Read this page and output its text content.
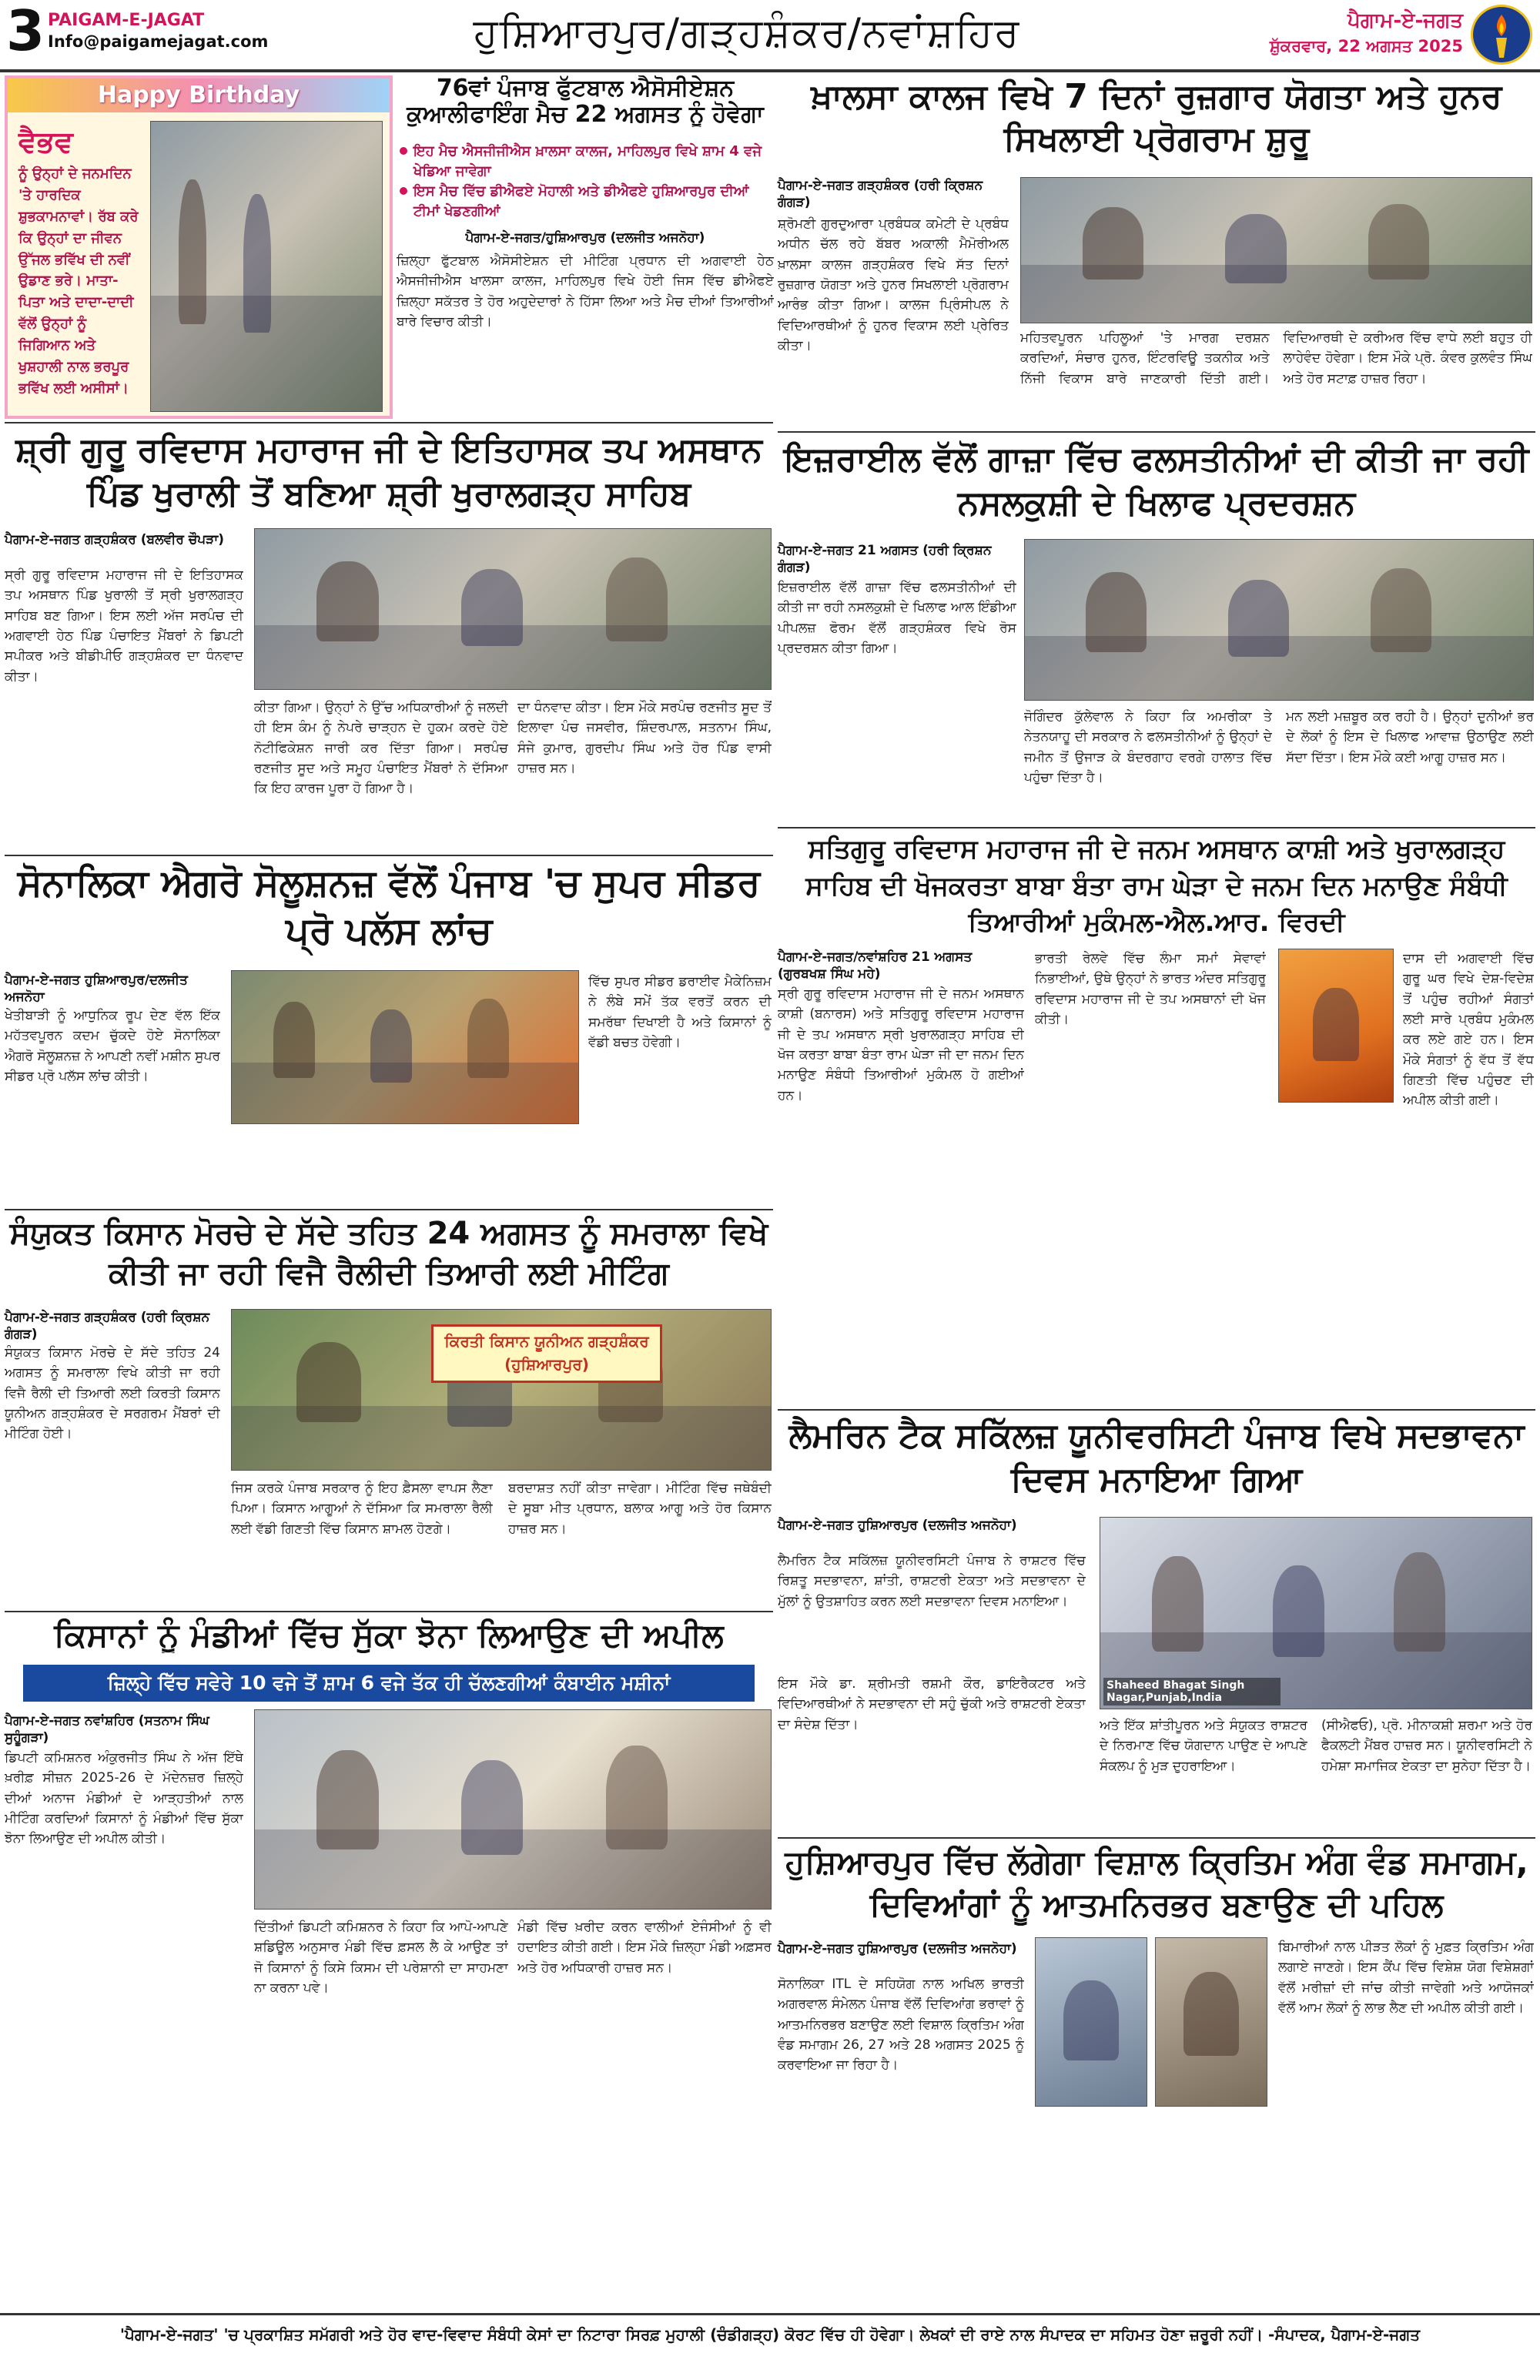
3 PAIGAM-E-JAGAT
Info@paigamejagat.com	ਹੁਸ਼ਿਆਰਪੁਰ/ਗੜ੍ਹਸ਼ੰਕਰ/ਨਵਾਂਸ਼ਹਿਰ	ਪੈਗਾਮ-ਏ-ਜਗਤ
ਸ਼ੁੱਕਰਵਾਰ, 22 ਅਗਸਤ 2025
Happy Birthday
ਵੈਭਵ
ਨੂੰ ਉਨ੍ਹਾਂ ਦੇ ਜਨਮਦਿਨ 'ਤੇ ਹਾਰਦਿਕ ਸ਼ੁਭਕਾਮਨਾਵਾਂ। ਰੱਬ ਕਰੇ ਕਿ ਉਨ੍ਹਾਂ ਦਾ ਜੀਵਨ ਉੱਜਲ ਭਵਿੱਖ ਦੀ ਨਵੀਂ ਉਡਾਣ ਭਰੇ। ਮਾਤਾ-ਪਿਤਾ ਅਤੇ ਦਾਦਾ-ਦਾਦੀ ਵੱਲੋਂ ਉਨ੍ਹਾਂ ਨੂੰ ਜਿਗਿਆਨ ਅਤੇ ਖੁਸ਼ਹਾਲੀ ਨਾਲ ਭਰਪੂਰ ਭਵਿੱਖ ਲਈ ਅਸੀਸਾਂ।
76ਵਾਂ ਪੰਜਾਬ ਫੁੱਟਬਾਲ ਐਸੋਸੀਏਸ਼ਨ ਕੁਆਲੀਫਾਇੰਗ ਮੈਚ 22 ਅਗਸਤ ਨੂੰ ਹੋਵੇਗਾ
ਇਹ ਮੈਚ ਐਸਜੀਜੀਐਸ ਖ਼ਾਲਸਾ ਕਾਲਜ, ਮਾਹਿਲਪੁਰ ਵਿਖੇ ਸ਼ਾਮ 4 ਵਜੇ ਖੇਡਿਆ ਜਾਵੇਗਾ
ਇਸ ਮੈਚ ਵਿੱਚ ਡੀਐਫਏ ਮੋਹਾਲੀ ਅਤੇ ਡੀਐਫਏ ਹੁਸ਼ਿਆਰਪੁਰ ਦੀਆਂ ਟੀਮਾਂ ਖੇਡਣਗੀਆਂ
ਪੈਗਾਮ-ਏ-ਜਗਤ/ਹੁਸ਼ਿਆਰਪੁਰ (ਦਲਜੀਤ ਅਜਨੋਹਾ)
ਜ਼ਿਲ੍ਹਾ ਫੁੱਟਬਾਲ ਐਸੋਸੀਏਸ਼ਨ ਦੀ ਮੀਟਿੰਗ ਪ੍ਰਧਾਨ ਦੀ ਅਗਵਾਈ ਹੇਠ ਐਸਜੀਜੀਐਸ ਖਾਲਸਾ ਕਾਲਜ, ਮਾਹਿਲਪੁਰ ਵਿਖੇ ਹੋਈ ਜਿਸ ਵਿੱਚ ਡੀਐਫਏ ਜ਼ਿਲ੍ਹਾ ਸਕੱਤਰ ਤੇ ਹੋਰ ਅਹੁਦੇਦਾਰਾਂ ਨੇ ਹਿੱਸਾ ਲਿਆ ਅਤੇ ਮੈਚ ਦੀਆਂ ਤਿਆਰੀਆਂ ਬਾਰੇ ਵਿਚਾਰ ਕੀਤੀ।
ਖ਼ਾਲਸਾ ਕਾਲਜ ਵਿਖੇ 7 ਦਿਨਾਂ ਰੁਜ਼ਗਾਰ ਯੋਗਤਾ ਅਤੇ ਹੁਨਰ ਸਿਖਲਾਈ ਪ੍ਰੋਗਰਾਮ ਸ਼ੁਰੂ
ਪੈਗਾਮ-ਏ-ਜਗਤ ਗੜ੍ਹਸ਼ੰਕਰ (ਹਰੀ ਕ੍ਰਿਸ਼ਨ ਗੰਗੜ)
ਸ਼੍ਰੋਮਣੀ ਗੁਰਦੁਆਰਾ ਪ੍ਰਬੰਧਕ ਕਮੇਟੀ ਦੇ ਪ੍ਰਬੰਧ ਅਧੀਨ ਚੱਲ ਰਹੇ ਬੱਬਰ ਅਕਾਲੀ ਮੈਮੋਰੀਅਲ ਖ਼ਾਲਸਾ ਕਾਲਜ ਗੜ੍ਹਸ਼ੰਕਰ ਵਿਖੇ ਸੱਤ ਦਿਨਾਂ ਰੁਜ਼ਗਾਰ ਯੋਗਤਾ ਅਤੇ ਹੁਨਰ ਸਿਖਲਾਈ ਪ੍ਰੋਗਰਾਮ ਆਰੰਭ ਕੀਤਾ ਗਿਆ। ਕਾਲਜ ਪ੍ਰਿੰਸੀਪਲ ਨੇ ਵਿਦਿਆਰਥੀਆਂ ਨੂੰ ਹੁਨਰ ਵਿਕਾਸ ਲਈ ਪ੍ਰੇਰਿਤ ਕੀਤਾ।
ਮਹਿਤਵਪੂਰਨ ਪਹਿਲੂਆਂ 'ਤੇ ਮਾਰਗ ਦਰਸ਼ਨ ਕਰਦਿਆਂ, ਸੰਚਾਰ ਹੁਨਰ, ਇੰਟਰਵਿਊ ਤਕਨੀਕ ਅਤੇ ਨਿੱਜੀ ਵਿਕਾਸ ਬਾਰੇ ਜਾਣਕਾਰੀ ਦਿੱਤੀ ਗਈ। ਵਿਦਿਆਰਥੀ ਦੇ ਕਰੀਅਰ ਵਿੱਚ ਵਾਧੇ ਲਈ ਬਹੁਤ ਹੀ ਲਾਹੇਵੰਦ ਹੋਵੇਗਾ। ਇਸ ਮੌਕੇ ਪ੍ਰੋ. ਕੰਵਰ ਕੁਲਵੰਤ ਸਿੰਘ ਅਤੇ ਹੋਰ ਸਟਾਫ਼ ਹਾਜ਼ਰ ਰਿਹਾ।
ਸ਼੍ਰੀ ਗੁਰੂ ਰਵਿਦਾਸ ਮਹਾਰਾਜ ਜੀ ਦੇ ਇਤਿਹਾਸਕ ਤਪ ਅਸਥਾਨ ਪਿੰਡ ਖੁਰਾਲੀ ਤੋਂ ਬਣਿਆ ਸ਼੍ਰੀ ਖੁਰਾਲਗੜ੍ਹ ਸਾਹਿਬ
ਪੈਗਾਮ-ਏ-ਜਗਤ ਗੜ੍ਹਸ਼ੰਕਰ (ਬਲਵੀਰ ਚੌਪੜਾ)
ਸ੍ਰੀ ਗੁਰੂ ਰਵਿਦਾਸ ਮਹਾਰਾਜ ਜੀ ਦੇ ਇਤਿਹਾਸਕ ਤਪ ਅਸਥਾਨ ਪਿੰਡ ਖੁਰਾਲੀ ਤੋਂ ਸ੍ਰੀ ਖੁਰਾਲਗੜ੍ਹ ਸਾਹਿਬ ਬਣ ਗਿਆ। ਇਸ ਲਈ ਅੱਜ ਸਰਪੰਚ ਦੀ ਅਗਵਾਈ ਹੇਠ ਪਿੰਡ ਪੰਚਾਇਤ ਮੈਂਬਰਾਂ ਨੇ ਡਿਪਟੀ ਸਪੀਕਰ ਅਤੇ ਬੀਡੀਪੀਓ ਗੜ੍ਹਸ਼ੰਕਰ ਦਾ ਧੰਨਵਾਦ ਕੀਤਾ।
ਕੀਤਾ ਗਿਆ। ਉਨ੍ਹਾਂ ਨੇ ਉੱਚ ਅਧਿਕਾਰੀਆਂ ਨੂੰ ਜਲਦੀ ਹੀ ਇਸ ਕੰਮ ਨੂੰ ਨੇਪਰੇ ਚਾੜ੍ਹਨ ਦੇ ਹੁਕਮ ਕਰਦੇ ਹੋਏ ਨੋਟੀਫਿਕੇਸ਼ਨ ਜਾਰੀ ਕਰ ਦਿੱਤਾ ਗਿਆ। ਸਰਪੰਚ ਰਣਜੀਤ ਸੂਦ ਅਤੇ ਸਮੂਹ ਪੰਚਾਇਤ ਮੈਂਬਰਾਂ ਨੇ ਦੱਸਿਆ ਕਿ ਇਹ ਕਾਰਜ ਪੂਰਾ ਹੋ ਗਿਆ ਹੈ।
ਦਾ ਧੰਨਵਾਦ ਕੀਤਾ। ਇਸ ਮੌਕੇ ਸਰਪੰਚ ਰਣਜੀਤ ਸੂਦ ਤੋਂ ਇਲਾਵਾ ਪੰਚ ਜਸਵੀਰ, ਸ਼ਿੰਦਰਪਾਲ, ਸਤਨਾਮ ਸਿੰਘ, ਸੰਜੇ ਕੁਮਾਰ, ਗੁਰਦੀਪ ਸਿੰਘ ਅਤੇ ਹੋਰ ਪਿੰਡ ਵਾਸੀ ਹਾਜ਼ਰ ਸਨ।
ਇਜ਼ਰਾਈਲ ਵੱਲੋਂ ਗਾਜ਼ਾ ਵਿੱਚ ਫਲਸਤੀਨੀਆਂ ਦੀ ਕੀਤੀ ਜਾ ਰਹੀ ਨਸਲਕੁਸ਼ੀ ਦੇ ਖਿਲਾਫ ਪ੍ਰਦਰਸ਼ਨ
ਪੈਗਾਮ-ਏ-ਜਗਤ 21 ਅਗਸਤ (ਹਰੀ ਕ੍ਰਿਸ਼ਨ ਗੰਗੜ)
ਇਜ਼ਰਾਈਲ ਵੱਲੋਂ ਗਾਜ਼ਾ ਵਿੱਚ ਫਲਸਤੀਨੀਆਂ ਦੀ ਕੀਤੀ ਜਾ ਰਹੀ ਨਸਲਕੁਸ਼ੀ ਦੇ ਖਿਲਾਫ ਆਲ ਇੰਡੀਆ ਪੀਪਲਜ਼ ਫੋਰਮ ਵੱਲੋਂ ਗੜ੍ਹਸ਼ੰਕਰ ਵਿਖੇ ਰੋਸ ਪ੍ਰਦਰਸ਼ਨ ਕੀਤਾ ਗਿਆ।
ਜੋਗਿੰਦਰ ਕੁੱਲੇਵਾਲ ਨੇ ਕਿਹਾ ਕਿ ਅਮਰੀਕਾ ਤੇ ਨੇਤਨਯਾਹੂ ਦੀ ਸਰਕਾਰ ਨੇ ਫਲਸਤੀਨੀਆਂ ਨੂੰ ਉਨ੍ਹਾਂ ਦੇ ਜਮੀਨ ਤੋਂ ਉਜਾੜ ਕੇ ਬੰਦਰਗਾਹ ਵਰਗੇ ਹਾਲਾਤ ਵਿੱਚ ਪਹੁੰਚਾ ਦਿੱਤਾ ਹੈ।
ਮਨ ਲਈ ਮਜ਼ਬੂਰ ਕਰ ਰਹੀ ਹੈ। ਉਨ੍ਹਾਂ ਦੁਨੀਆਂ ਭਰ ਦੇ ਲੋਕਾਂ ਨੂੰ ਇਸ ਦੇ ਖਿਲਾਫ ਆਵਾਜ਼ ਉਠਾਉਣ ਲਈ ਸੱਦਾ ਦਿੱਤਾ। ਇਸ ਮੌਕੇ ਕਈ ਆਗੂ ਹਾਜ਼ਰ ਸਨ।
ਸੋਨਾਲਿਕਾ ਐਗਰੋ ਸੋਲੂਸ਼ਨਜ਼ ਵੱਲੋਂ ਪੰਜਾਬ 'ਚ ਸੁਪਰ ਸੀਡਰ ਪ੍ਰੋ ਪਲੱਸ ਲਾਂਚ
ਪੈਗਾਮ-ਏ-ਜਗਤ ਹੁਸ਼ਿਆਰਪੁਰ/ਦਲਜੀਤ ਅਜਨੋਹਾ
ਖੇਤੀਬਾੜੀ ਨੂੰ ਆਧੁਨਿਕ ਰੂਪ ਦੇਣ ਵੱਲ ਇੱਕ ਮਹੱਤਵਪੂਰਨ ਕਦਮ ਚੁੱਕਦੇ ਹੋਏ ਸੋਨਾਲਿਕਾ ਐਗਰੋ ਸੋਲੂਸ਼ਨਜ਼ ਨੇ ਆਪਣੀ ਨਵੀਂ ਮਸ਼ੀਨ ਸੁਪਰ ਸੀਡਰ ਪ੍ਰੋ ਪਲੱਸ ਲਾਂਚ ਕੀਤੀ।
ਵਿੱਚ ਸੁਪਰ ਸੀਡਰ ਡਰਾਈਵ ਮੈਕੇਨਿਜ਼ਮ ਨੇ ਲੰਬੇ ਸਮੇਂ ਤੱਕ ਵਰਤੋਂ ਕਰਨ ਦੀ ਸਮਰੱਥਾ ਦਿਖਾਈ ਹੈ ਅਤੇ ਕਿਸਾਨਾਂ ਨੂੰ ਵੱਡੀ ਬਚਤ ਹੋਵੇਗੀ।
ਸੰਯੁਕਤ ਕਿਸਾਨ ਮੋਰਚੇ ਦੇ ਸੱਦੇ ਤਹਿਤ 24 ਅਗਸਤ ਨੂੰ ਸਮਰਾਲਾ ਵਿਖੇ ਕੀਤੀ ਜਾ ਰਹੀ ਵਿਜੈ ਰੈਲੀਦੀ ਤਿਆਰੀ ਲਈ ਮੀਟਿੰਗ
ਪੈਗਾਮ-ਏ-ਜਗਤ ਗੜ੍ਹਸ਼ੰਕਰ (ਹਰੀ ਕ੍ਰਿਸ਼ਨ ਗੰਗੜ)
ਸੰਯੁਕਤ ਕਿਸਾਨ ਮੋਰਚੇ ਦੇ ਸੱਦੇ ਤਹਿਤ 24 ਅਗਸਤ ਨੂੰ ਸਮਰਾਲਾ ਵਿਖੇ ਕੀਤੀ ਜਾ ਰਹੀ ਵਿਜੈ ਰੈਲੀ ਦੀ ਤਿਆਰੀ ਲਈ ਕਿਰਤੀ ਕਿਸਾਨ ਯੂਨੀਅਨ ਗੜ੍ਹਸ਼ੰਕਰ ਦੇ ਸਰਗਰਮ ਮੈਂਬਰਾਂ ਦੀ ਮੀਟਿੰਗ ਹੋਈ।
ਕਿਰਤੀ ਕਿਸਾਨ ਯੂਨੀਅਨ ਗੜ੍ਹਸ਼ੰਕਰ (ਹੁਸ਼ਿਆਰਪੁਰ)
ਜਿਸ ਕਰਕੇ ਪੰਜਾਬ ਸਰਕਾਰ ਨੂੰ ਇਹ ਫ਼ੈਸਲਾ ਵਾਪਸ ਲੈਣਾ ਪਿਆ। ਕਿਸਾਨ ਆਗੂਆਂ ਨੇ ਦੱਸਿਆ ਕਿ ਸਮਰਾਲਾ ਰੈਲੀ ਲਈ ਵੱਡੀ ਗਿਣਤੀ ਵਿੱਚ ਕਿਸਾਨ ਸ਼ਾਮਲ ਹੋਣਗੇ।
ਬਰਦਾਸ਼ਤ ਨਹੀਂ ਕੀਤਾ ਜਾਵੇਗਾ। ਮੀਟਿੰਗ ਵਿੱਚ ਜਥੇਬੰਦੀ ਦੇ ਸੂਬਾ ਮੀਤ ਪ੍ਰਧਾਨ, ਬਲਾਕ ਆਗੂ ਅਤੇ ਹੋਰ ਕਿਸਾਨ ਹਾਜ਼ਰ ਸਨ।
ਸਤਿਗੁਰੂ ਰਵਿਦਾਸ ਮਹਾਰਾਜ ਜੀ ਦੇ ਜਨਮ ਅਸਥਾਨ ਕਾਸ਼ੀ ਅਤੇ ਖੁਰਾਲਗੜ੍ਹ ਸਾਹਿਬ ਦੀ ਖੋਜਕਰਤਾ ਬਾਬਾ ਬੰਤਾ ਰਾਮ ਘੇੜਾ ਦੇ ਜਨਮ ਦਿਨ ਮਨਾਉਣ ਸੰਬੰਧੀ ਤਿਆਰੀਆਂ ਮੁਕੰਮਲ-ਐਲ.ਆਰ. ਵਿਰਦੀ
ਪੈਗਾਮ-ਏ-ਜਗਤ/ਨਵਾਂਸ਼ਹਿਰ 21 ਅਗਸਤ (ਗੁਰਬਖਸ਼ ਸਿੰਘ ਮਹੇ)
ਸ੍ਰੀ ਗੁਰੂ ਰਵਿਦਾਸ ਮਹਾਰਾਜ ਜੀ ਦੇ ਜਨਮ ਅਸਥਾਨ ਕਾਸ਼ੀ (ਬਨਾਰਸ) ਅਤੇ ਸਤਿਗੁਰੂ ਰਵਿਦਾਸ ਮਹਾਰਾਜ ਜੀ ਦੇ ਤਪ ਅਸਥਾਨ ਸ੍ਰੀ ਖੁਰਾਲਗੜ੍ਹ ਸਾਹਿਬ ਦੀ ਖੋਜ ਕਰਤਾ ਬਾਬਾ ਬੰਤਾ ਰਾਮ ਘੇੜਾ ਜੀ ਦਾ ਜਨਮ ਦਿਨ ਮਨਾਉਣ ਸੰਬੰਧੀ ਤਿਆਰੀਆਂ ਮੁਕੰਮਲ ਹੋ ਗਈਆਂ ਹਨ।
ਭਾਰਤੀ ਰੇਲਵੇ ਵਿੱਚ ਲੰਮਾ ਸਮਾਂ ਸੇਵਾਵਾਂ ਨਿਭਾਈਆਂ, ਉਥੇ ਉਨ੍ਹਾਂ ਨੇ ਭਾਰਤ ਅੰਦਰ ਸਤਿਗੁਰੂ ਰਵਿਦਾਸ ਮਹਾਰਾਜ ਜੀ ਦੇ ਤਪ ਅਸਥਾਨਾਂ ਦੀ ਖੋਜ ਕੀਤੀ।
ਦਾਸ ਦੀ ਅਗਵਾਈ ਵਿੱਚ ਗੁਰੂ ਘਰ ਵਿਖੇ ਦੇਸ਼-ਵਿਦੇਸ਼ ਤੋਂ ਪਹੁੰਚ ਰਹੀਆਂ ਸੰਗਤਾਂ ਲਈ ਸਾਰੇ ਪ੍ਰਬੰਧ ਮੁਕੰਮਲ ਕਰ ਲਏ ਗਏ ਹਨ। ਇਸ ਮੌਕੇ ਸੰਗਤਾਂ ਨੂੰ ਵੱਧ ਤੋਂ ਵੱਧ ਗਿਣਤੀ ਵਿੱਚ ਪਹੁੰਚਣ ਦੀ ਅਪੀਲ ਕੀਤੀ ਗਈ।
ਲੈਮਰਿਨ ਟੈਕ ਸਕਿੱਲਜ਼ ਯੂਨੀਵਰਸਿਟੀ ਪੰਜਾਬ ਵਿਖੇ ਸਦਭਾਵਨਾ ਦਿਵਸ ਮਨਾਇਆ ਗਿਆ
ਪੈਗਾਮ-ਏ-ਜਗਤ ਹੁਸ਼ਿਆਰਪੁਰ (ਦਲਜੀਤ ਅਜਨੋਹਾ)
ਲੈਮਰਿਨ ਟੈਕ ਸਕਿੱਲਜ਼ ਯੂਨੀਵਰਸਿਟੀ ਪੰਜਾਬ ਨੇ ਰਾਸ਼ਟਰ ਵਿੱਚ ਰਿਸ਼ਤੂ ਸਦਭਾਵਨਾ, ਸ਼ਾਂਤੀ, ਰਾਸ਼ਟਰੀ ਏਕਤਾ ਅਤੇ ਸਦਭਾਵਨਾ ਦੇ ਮੁੱਲਾਂ ਨੂੰ ਉਤਸ਼ਾਹਿਤ ਕਰਨ ਲਈ ਸਦਭਾਵਨਾ ਦਿਵਸ ਮਨਾਇਆ।
ਇਸ ਮੌਕੇ ਡਾ. ਸ਼੍ਰੀਮਤੀ ਰਸ਼ਮੀ ਕੌਰ, ਡਾਇਰੈਕਟਰ ਅਤੇ ਵਿਦਿਆਰਥੀਆਂ ਨੇ ਸਦਭਾਵਨਾ ਦੀ ਸਹੁੰ ਚੁੱਕੀ ਅਤੇ ਰਾਸ਼ਟਰੀ ਏਕਤਾ ਦਾ ਸੰਦੇਸ਼ ਦਿੱਤਾ।
Shaheed Bhagat Singh Nagar,Punjab,India
ਅਤੇ ਇੱਕ ਸ਼ਾਂਤੀਪੂਰਨ ਅਤੇ ਸੰਯੁਕਤ ਰਾਸ਼ਟਰ ਦੇ ਨਿਰਮਾਣ ਵਿੱਚ ਯੋਗਦਾਨ ਪਾਉਣ ਦੇ ਆਪਣੇ ਸੰਕਲਪ ਨੂੰ ਮੁੜ ਦੁਹਰਾਇਆ।
(ਸੀਐਫਓ), ਪ੍ਰੋ. ਮੀਨਾਕਸ਼ੀ ਸ਼ਰਮਾ ਅਤੇ ਹੋਰ ਫੈਕਲਟੀ ਮੈਂਬਰ ਹਾਜ਼ਰ ਸਨ। ਯੂਨੀਵਰਸਿਟੀ ਨੇ ਹਮੇਸ਼ਾ ਸਮਾਜਿਕ ਏਕਤਾ ਦਾ ਸੁਨੇਹਾ ਦਿੱਤਾ ਹੈ।
ਕਿਸਾਨਾਂ ਨੂੰ ਮੰਡੀਆਂ ਵਿੱਚ ਸੁੱਕਾ ਝੋਨਾ ਲਿਆਉਣ ਦੀ ਅਪੀਲ
ਜ਼ਿਲ੍ਹੇ ਵਿੱਚ ਸਵੇਰੇ 10 ਵਜੇ ਤੋਂ ਸ਼ਾਮ 6 ਵਜੇ ਤੱਕ ਹੀ ਚੱਲਣਗੀਆਂ ਕੰਬਾਈਨ ਮਸ਼ੀਨਾਂ
ਪੈਗਾਮ-ਏ-ਜਗਤ ਨਵਾਂਸ਼ਹਿਰ (ਸਤਨਾਮ ਸਿੰਘ ਸੁਹੂੰਗੜਾ)
ਡਿਪਟੀ ਕਮਿਸ਼ਨਰ ਅੰਕੁਰਜੀਤ ਸਿੰਘ ਨੇ ਅੱਜ ਇੱਥੇ ਖ਼ਰੀਫ਼ ਸੀਜ਼ਨ 2025-26 ਦੇ ਮੱਦੇਨਜ਼ਰ ਜ਼ਿਲ੍ਹੇ ਦੀਆਂ ਅਨਾਜ ਮੰਡੀਆਂ ਦੇ ਆੜ੍ਹਤੀਆਂ ਨਾਲ ਮੀਟਿੰਗ ਕਰਦਿਆਂ ਕਿਸਾਨਾਂ ਨੂੰ ਮੰਡੀਆਂ ਵਿੱਚ ਸੁੱਕਾ ਝੋਨਾ ਲਿਆਉਣ ਦੀ ਅਪੀਲ ਕੀਤੀ।
ਦਿੱਤੀਆਂ ਡਿਪਟੀ ਕਮਿਸ਼ਨਰ ਨੇ ਕਿਹਾ ਕਿ ਆਪੋ-ਆਪਣੇ ਸ਼ਡਿਊਲ ਅਨੁਸਾਰ ਮੰਡੀ ਵਿੱਚ ਫ਼ਸਲ ਲੈ ਕੇ ਆਉਣ ਤਾਂ ਜੋ ਕਿਸਾਨਾਂ ਨੂੰ ਕਿਸੇ ਕਿਸਮ ਦੀ ਪਰੇਸ਼ਾਨੀ ਦਾ ਸਾਹਮਣਾ ਨਾ ਕਰਨਾ ਪਵੇ।
ਮੰਡੀ ਵਿੱਚ ਖ਼ਰੀਦ ਕਰਨ ਵਾਲੀਆਂ ਏਜੰਸੀਆਂ ਨੂੰ ਵੀ ਹਦਾਇਤ ਕੀਤੀ ਗਈ। ਇਸ ਮੌਕੇ ਜ਼ਿਲ੍ਹਾ ਮੰਡੀ ਅਫ਼ਸਰ ਅਤੇ ਹੋਰ ਅਧਿਕਾਰੀ ਹਾਜ਼ਰ ਸਨ।
ਹੁਸ਼ਿਆਰਪੁਰ ਵਿੱਚ ਲੱਗੇਗਾ ਵਿਸ਼ਾਲ ਕ੍ਰਿਤਿਮ ਅੰਗ ਵੰਡ ਸਮਾਗਮ, ਦਿਵਿਆਂਗਾਂ ਨੂੰ ਆਤਮਨਿਰਭਰ ਬਣਾਉਣ ਦੀ ਪਹਿਲ
ਪੈਗਾਮ-ਏ-ਜਗਤ ਹੁਸ਼ਿਆਰਪੁਰ (ਦਲਜੀਤ ਅਜਨੋਹਾ)
ਸੋਨਾਲਿਕਾ ITL ਦੇ ਸਹਿਯੋਗ ਨਾਲ ਅਖਿਲ ਭਾਰਤੀ ਅਗਰਵਾਲ ਸੰਮੇਲਨ ਪੰਜਾਬ ਵੱਲੋਂ ਦਿਵਿਆਂਗ ਭਰਾਵਾਂ ਨੂੰ ਆਤਮਨਿਰਭਰ ਬਣਾਉਣ ਲਈ ਵਿਸ਼ਾਲ ਕ੍ਰਿਤਿਮ ਅੰਗ ਵੰਡ ਸਮਾਗਮ 26, 27 ਅਤੇ 28 ਅਗਸਤ 2025 ਨੂੰ ਕਰਵਾਇਆ ਜਾ ਰਿਹਾ ਹੈ।
ਬਿਮਾਰੀਆਂ ਨਾਲ ਪੀੜਤ ਲੋਕਾਂ ਨੂੰ ਮੁਫ਼ਤ ਕ੍ਰਿਤਿਮ ਅੰਗ ਲਗਾਏ ਜਾਣਗੇ। ਇਸ ਕੈਂਪ ਵਿੱਚ ਵਿਸ਼ੇਸ਼ ਯੋਗ ਵਿਸ਼ੇਸ਼ਗਾਂ ਵੱਲੋਂ ਮਰੀਜ਼ਾਂ ਦੀ ਜਾਂਚ ਕੀਤੀ ਜਾਵੇਗੀ ਅਤੇ ਆਯੋਜਕਾਂ ਵੱਲੋਂ ਆਮ ਲੋਕਾਂ ਨੂੰ ਲਾਭ ਲੈਣ ਦੀ ਅਪੀਲ ਕੀਤੀ ਗਈ।
'ਪੈਗਾਮ-ਏ-ਜਗਤ' 'ਚ ਪ੍ਰਕਾਸ਼ਿਤ ਸਮੱਗਰੀ ਅਤੇ ਹੋਰ ਵਾਦ-ਵਿਵਾਦ ਸੰਬੰਧੀ ਕੇਸਾਂ ਦਾ ਨਿਟਾਰਾ ਸਿਰਫ਼ ਮੁਹਾਲੀ (ਚੰਡੀਗੜ੍ਹ) ਕੋਰਟ ਵਿੱਚ ਹੀ ਹੋਵੇਗਾ। ਲੇਖਕਾਂ ਦੀ ਰਾਏ ਨਾਲ ਸੰਪਾਦਕ ਦਾ ਸਹਿਮਤ ਹੋਣਾ ਜ਼ਰੂਰੀ ਨਹੀਂ। -ਸੰਪਾਦਕ, ਪੈਗਾਮ-ਏ-ਜਗਤ
